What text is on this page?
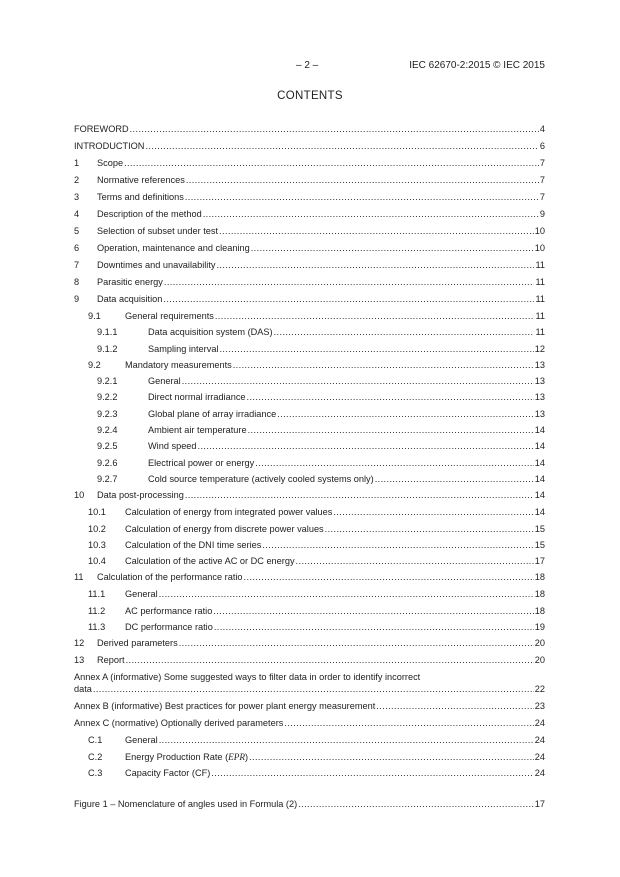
– 2 –	IEC 62670-2:2015 © IEC 2015
CONTENTS
FOREWORD .....	4
INTRODUCTION .....	6
1	Scope .....	7
2	Normative references .....	7
3	Terms and definitions .....	7
4	Description of the method .....	9
5	Selection of subset under test .....	10
6	Operation, maintenance and cleaning .....	10
7	Downtimes and unavailability .....	11
8	Parasitic energy .....	11
9	Data acquisition .....	11
9.1	General requirements .....	11
9.1.1	Data acquisition system (DAS) .....	11
9.1.2	Sampling interval .....	12
9.2	Mandatory measurements .....	13
9.2.1	General .....	13
9.2.2	Direct normal irradiance .....	13
9.2.3	Global plane of array irradiance .....	13
9.2.4	Ambient air temperature .....	14
9.2.5	Wind speed .....	14
9.2.6	Electrical power or energy .....	14
9.2.7	Cold source temperature (actively cooled systems only) .....	14
10	Data post-processing .....	14
10.1	Calculation of energy from integrated power values .....	14
10.2	Calculation of energy from discrete power values .....	15
10.3	Calculation of the DNI time series .....	15
10.4	Calculation of the active AC or DC energy .....	17
11	Calculation of the performance ratio .....	18
11.1	General .....	18
11.2	AC performance ratio .....	18
11.3	DC performance ratio .....	19
12	Derived parameters .....	20
13	Report .....	20
Annex A (informative) Some suggested ways to filter data in order to identify incorrect
data .....	22
Annex B (informative) Best practices for power plant energy measurement .....	23
Annex C (normative) Optionally derived parameters .....	24
C.1	General .....	24
C.2	Energy Production Rate (EPR) .....	24
C.3	Capacity Factor (CF) .....	24
Figure 1 – Nomenclature of angles used in Formula (2) .....	17
